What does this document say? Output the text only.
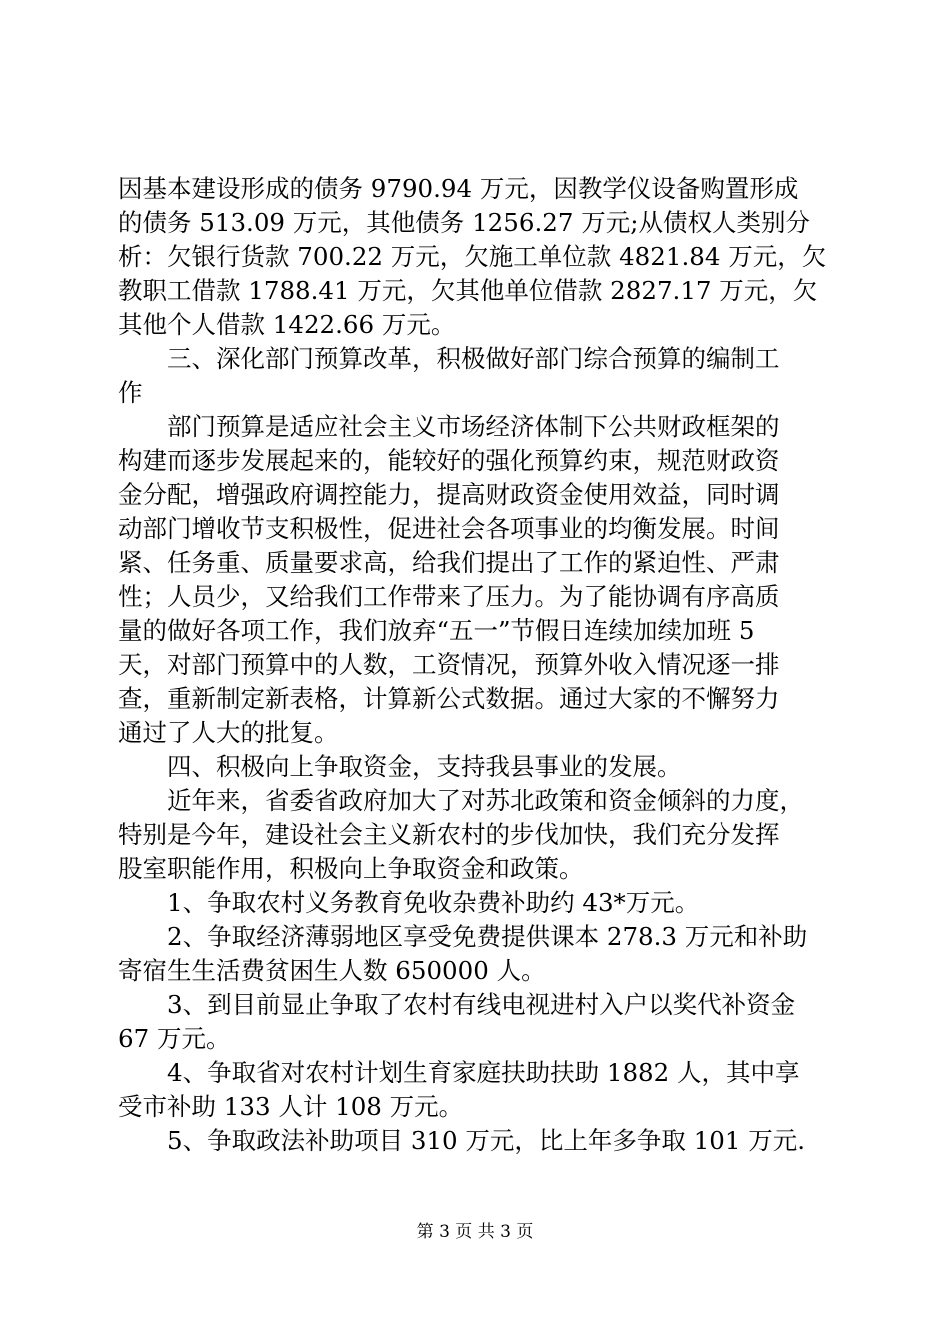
因基本建设形成的债务 9790.94 万元，因教学仪设备购置形成
的债务 513.09 万元，其他债务 1256.27 万元;从债权人类别分
析：欠银行货款 700.22 万元，欠施工单位款 4821.84 万元，欠
教职工借款 1788.41 万元，欠其他单位借款 2827.17 万元，欠
其他个人借款 1422.66 万元。
　　三、深化部门预算改革，积极做好部门综合预算的编制工
作
　　部门预算是适应社会主义市场经济体制下公共财政框架的
构建而逐步发展起来的，能较好的强化预算约束，规范财政资
金分配，增强政府调控能力，提高财政资金使用效益，同时调
动部门增收节支积极性，促进社会各项事业的均衡发展。时间
紧、任务重、质量要求高，给我们提出了工作的紧迫性、严肃
性；人员少，又给我们工作带来了压力。为了能协调有序高质
量的做好各项工作，我们放弃“五一”节假日连续加续加班 5
天，对部门预算中的人数，工资情况，预算外收入情况逐一排
查，重新制定新表格，计算新公式数据。通过大家的不懈努力
通过了人大的批复。
　　四、积极向上争取资金，支持我县事业的发展。
　　近年来，省委省政府加大了对苏北政策和资金倾斜的力度，
特别是今年，建设社会主义新农村的步伐加快，我们充分发挥
股室职能作用，积极向上争取资金和政策。
　　1、争取农村义务教育免收杂费补助约 43*万元。
　　2、争取经济薄弱地区享受免费提供课本 278.3 万元和补助
寄宿生生活费贫困生人数 650000 人。
　　3、到目前显止争取了农村有线电视进村入户以奖代补资金
67 万元。
　　4、争取省对农村计划生育家庭扶助扶助 1882 人，其中享
受市补助 133 人计 108 万元。
　　5、争取政法补助项目 310 万元，比上年多争取 101 万元.
第 3 页 共 3 页
